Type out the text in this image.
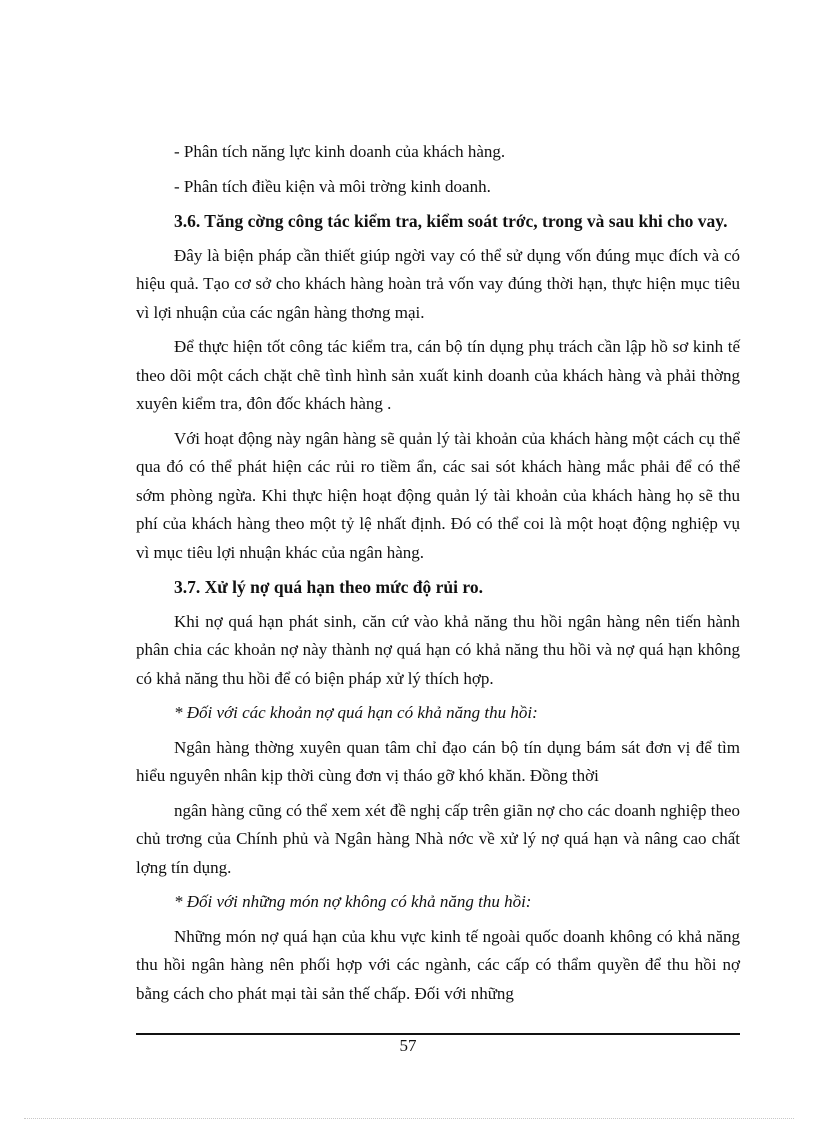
- Phân tích năng lực kinh doanh của khách hàng.

- Phân tích điều kiện và môi trờng kinh doanh.

3.6. Tăng cờng công tác kiểm tra, kiểm soát trớc, trong và sau khi cho vay.

Đây là biện pháp cần thiết giúp ngời vay có thể sử dụng vốn đúng mục đích và có hiệu quả. Tạo cơ sở cho khách hàng hoàn trả vốn vay đúng thời hạn, thực hiện mục tiêu vì lợi nhuận của các ngân hàng thơng mại.

Để thực hiện tốt công tác kiểm tra, cán bộ tín dụng phụ trách cần lập hồ sơ kinh tế theo dõi một cách chặt chẽ tình hình sản xuất kinh doanh của khách hàng và phải thờng xuyên kiểm tra, đôn đốc khách hàng .

Với hoạt động này ngân hàng sẽ quản lý tài khoản của khách hàng một cách cụ thể qua đó có thể phát hiện các rủi ro tiềm ẩn, các sai sót khách hàng mắc phải để có thể sớm phòng ngừa. Khi thực hiện hoạt động quản lý tài khoản của khách hàng họ sẽ thu phí của khách hàng theo một tỷ lệ nhất định. Đó có thể coi là một hoạt động nghiệp vụ vì mục tiêu lợi nhuận khác của ngân hàng.

3.7. Xử lý nợ quá hạn theo mức độ rủi ro.

Khi nợ quá hạn phát sinh, căn cứ vào khả năng thu hồi ngân hàng nên tiến hành phân chia các khoản nợ này thành nợ quá hạn có khả năng thu hồi và nợ quá hạn không có khả năng thu hồi để có biện pháp xử lý thích hợp.

* Đối với các khoản nợ quá hạn có khả năng thu hồi:

Ngân hàng thờng xuyên quan tâm chỉ đạo cán bộ tín dụng bám sát đơn vị để tìm hiểu nguyên nhân kịp thời cùng đơn vị tháo gỡ khó khăn. Đồng thời

ngân hàng cũng có thể xem xét đề nghị cấp trên giãn nợ cho các doanh nghiệp theo chủ trơng của Chính phủ và Ngân hàng Nhà nớc về xử lý nợ quá hạn và nâng cao chất lợng tín dụng.

* Đối với những món nợ không có khả năng thu hồi:

Những món nợ quá hạn của khu vực kinh tế ngoài quốc doanh không có khả năng thu hồi ngân hàng nên phối hợp với các ngành, các cấp có thẩm quyền để thu hồi nợ bằng cách cho phát mại tài sản thế chấp. Đối với những

57
